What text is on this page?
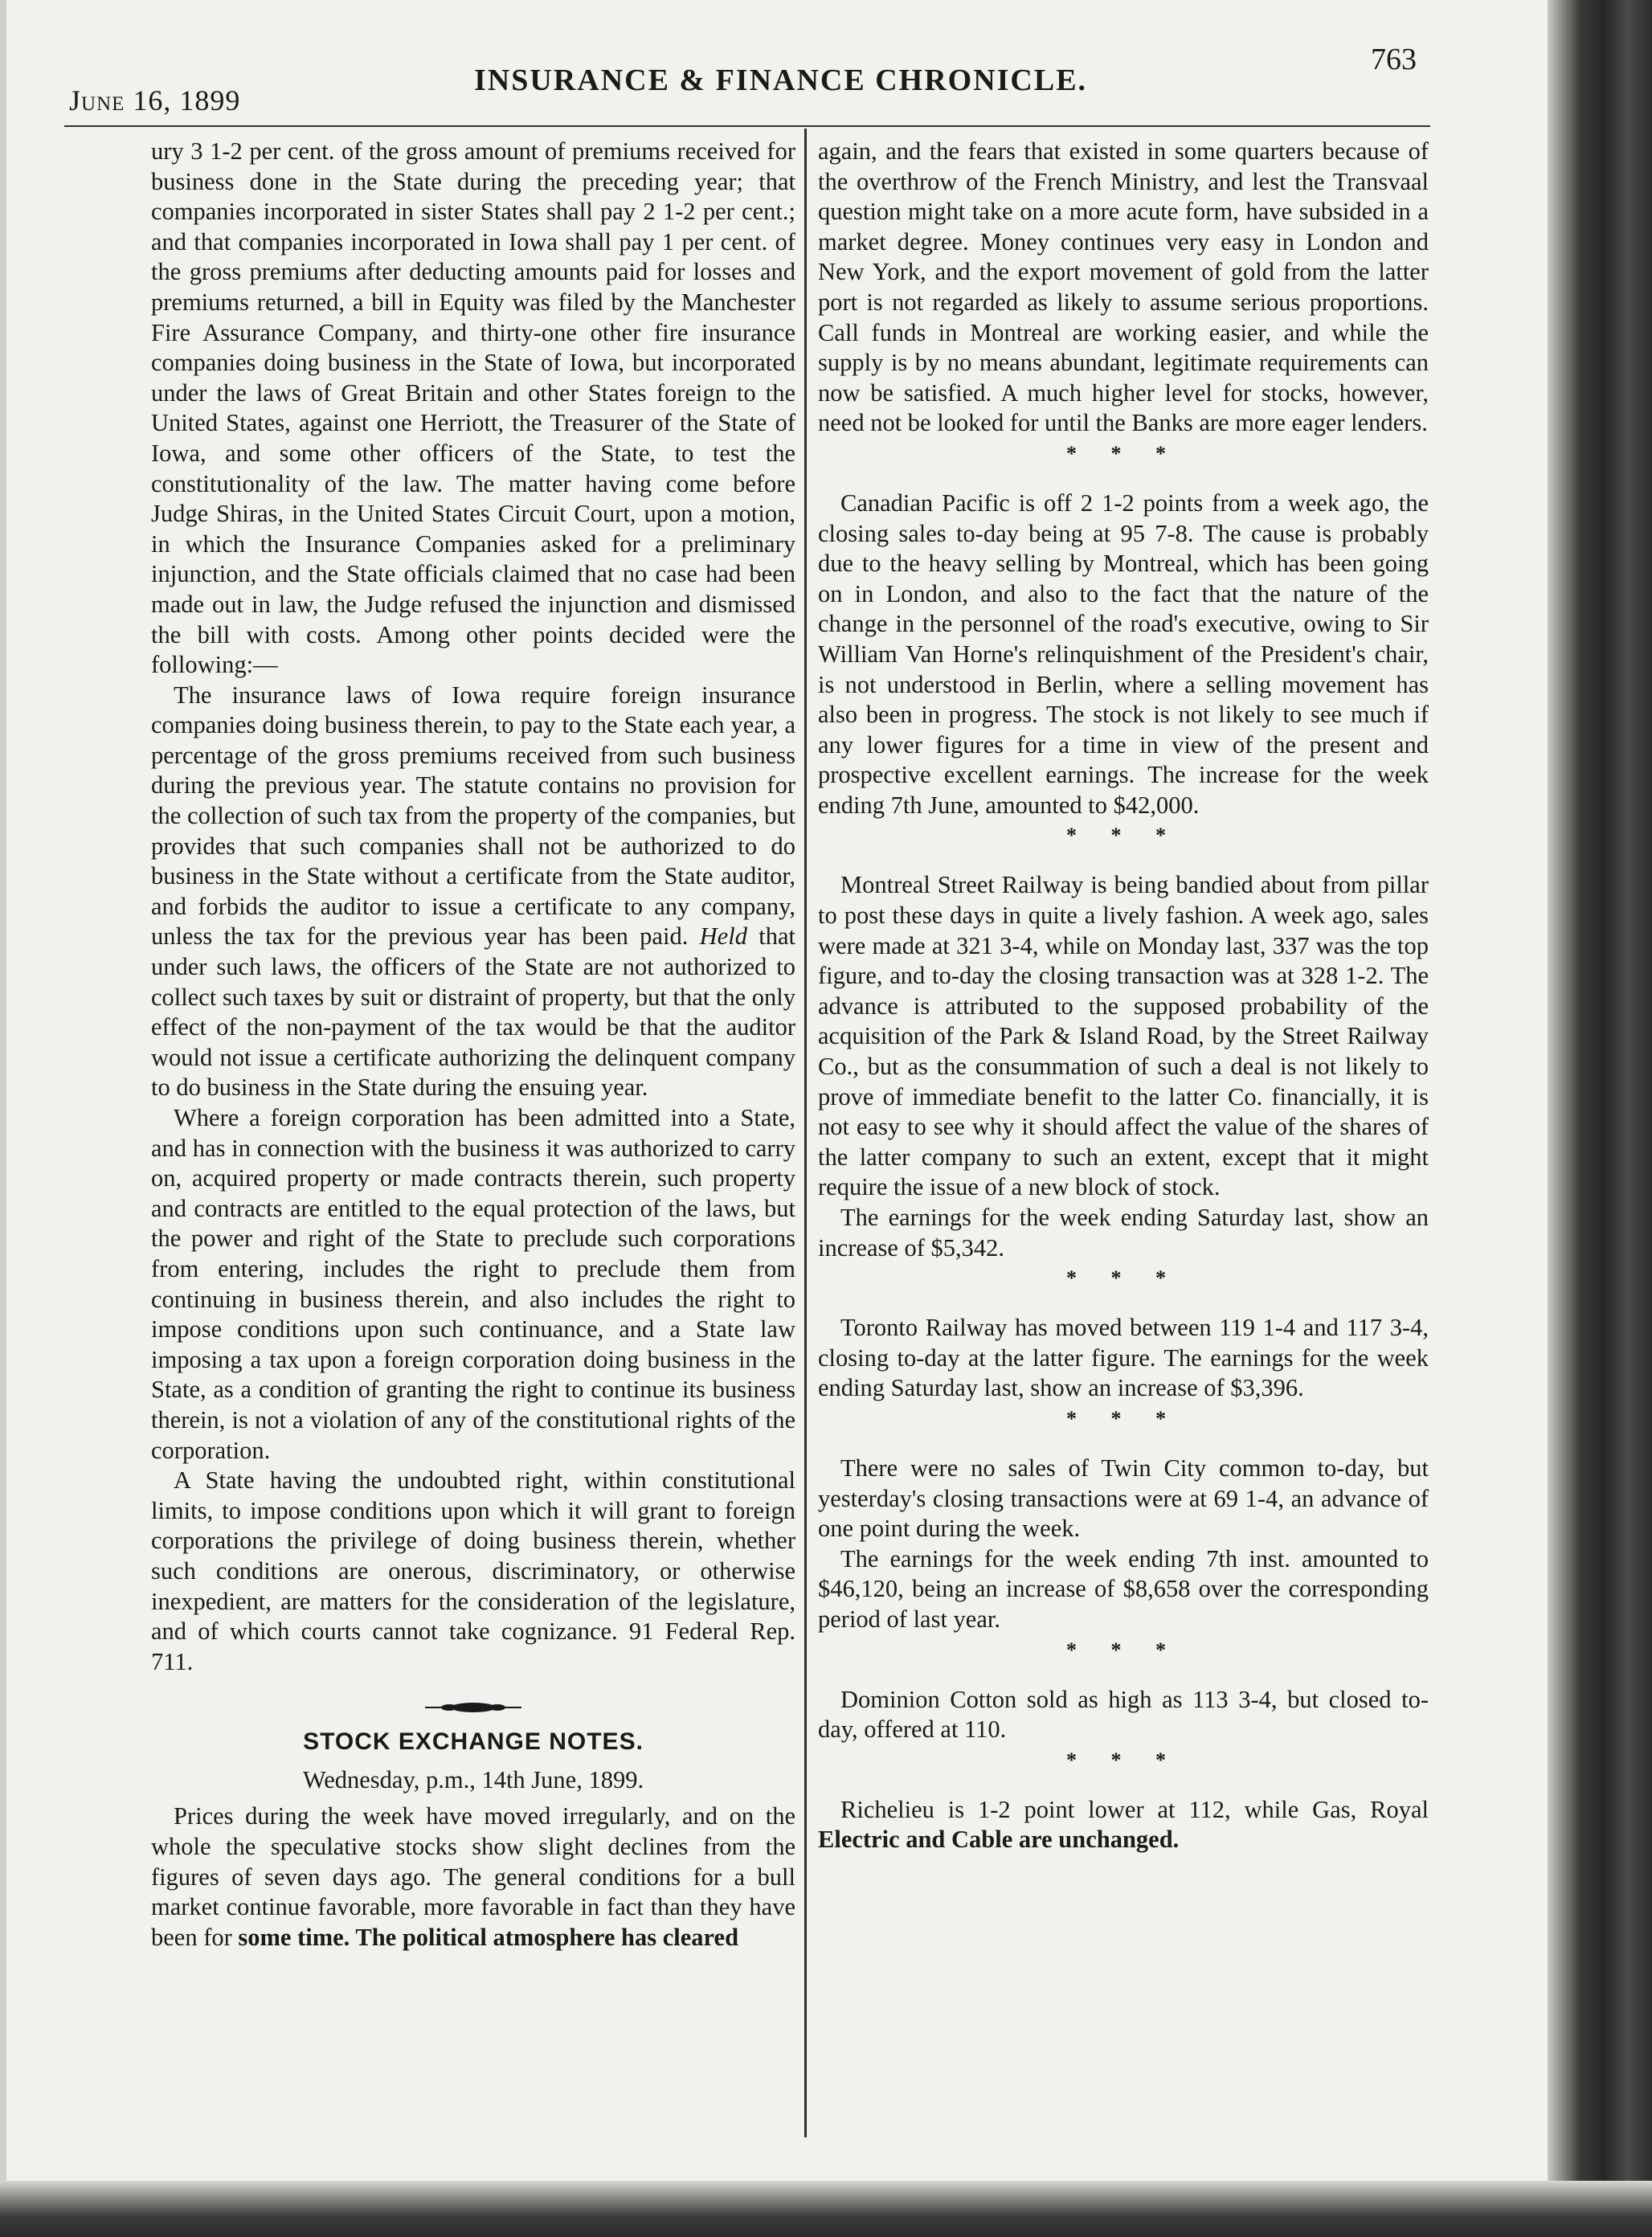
June 16, 1899
INSURANCE & FINANCE CHRONICLE.
763

ury 3 1-2 per cent. of the gross amount of premiums received for business done in the State during the preceding year; that companies incorporated in sister States shall pay 2 1-2 per cent.; and that companies incorporated in Iowa shall pay 1 per cent. of the gross premiums after deducting amounts paid for losses and premiums returned, a bill in Equity was filed by the Manchester Fire Assurance Company, and thirty-one other fire insurance companies doing business in the State of Iowa, but incorporated under the laws of Great Britain and other States foreign to the United States, against one Herriott, the Treasurer of the State of Iowa, and some other officers of the State, to test the constitutionality of the law. The matter having come before Judge Shiras, in the United States Circuit Court, upon a motion, in which the Insurance Companies asked for a preliminary injunction, and the State officials claimed that no case had been made out in law, the Judge refused the injunction and dismissed the bill with costs. Among other points decided were the following:—

The insurance laws of Iowa require foreign insurance companies doing business therein, to pay to the State each year, a percentage of the gross premiums received from such business during the previous year. The statute contains no provision for the collection of such tax from the property of the companies, but provides that such companies shall not be authorized to do business in the State without a certificate from the State auditor, and forbids the auditor to issue a certificate to any company, unless the tax for the previous year has been paid. Held that under such laws, the officers of the State are not authorized to collect such taxes by suit or distraint of property, but that the only effect of the non-payment of the tax would be that the auditor would not issue a certificate authorizing the delinquent company to do business in the State during the ensuing year.

Where a foreign corporation has been admitted into a State, and has in connection with the business it was authorized to carry on, acquired property or made contracts therein, such property and contracts are entitled to the equal protection of the laws, but the power and right of the State to preclude such corporations from entering, includes the right to preclude them from continuing in business therein, and also includes the right to impose conditions upon such continuance, and a State law imposing a tax upon a foreign corporation doing business in the State, as a condition of granting the right to continue its business therein, is not a violation of any of the constitutional rights of the corporation.

A State having the undoubted right, within constitutional limits, to impose conditions upon which it will grant to foreign corporations the privilege of doing business therein, whether such conditions are onerous, discriminatory, or otherwise inexpedient, are matters for the consideration of the legislature, and of which courts cannot take cognizance. 91 Federal Rep. 711.

STOCK EXCHANGE NOTES.
Wednesday, p.m., 14th June, 1899.

Prices during the week have moved irregularly, and on the whole the speculative stocks show slight declines from the figures of seven days ago. The general conditions for a bull market continue favorable, more favorable in fact than they have been for some time. The political atmosphere has cleared

again, and the fears that existed in some quarters because of the overthrow of the French Ministry, and lest the Transvaal question might take on a more acute form, have subsided in a market degree. Money continues very easy in London and New York, and the export movement of gold from the latter port is not regarded as likely to assume serious proportions. Call funds in Montreal are working easier, and while the supply is by no means abundant, legitimate requirements can now be satisfied. A much higher level for stocks, however, need not be looked for until the Banks are more eager lenders.

* * *

Canadian Pacific is off 2 1-2 points from a week ago, the closing sales to-day being at 95 7-8. The cause is probably due to the heavy selling by Montreal, which has been going on in London, and also to the fact that the nature of the change in the personnel of the road's executive, owing to Sir William Van Horne's relinquishment of the President's chair, is not understood in Berlin, where a selling movement has also been in progress. The stock is not likely to see much if any lower figures for a time in view of the present and prospective excellent earnings. The increase for the week ending 7th June, amounted to $42,000.

* * *

Montreal Street Railway is being bandied about from pillar to post these days in quite a lively fashion. A week ago, sales were made at 321 3-4, while on Monday last, 337 was the top figure, and to-day the closing transaction was at 328 1-2. The advance is attributed to the supposed probability of the acquisition of the Park & Island Road, by the Street Railway Co., but as the consummation of such a deal is not likely to prove of immediate benefit to the latter Co. financially, it is not easy to see why it should affect the value of the shares of the latter company to such an extent, except that it might require the issue of a new block of stock.

The earnings for the week ending Saturday last, show an increase of $5,342.

* * *

Toronto Railway has moved between 119 1-4 and 117 3-4, closing to-day at the latter figure. The earnings for the week ending Saturday last, show an increase of $3,396.

* * *

There were no sales of Twin City common to-day, but yesterday's closing transactions were at 69 1-4, an advance of one point during the week.

The earnings for the week ending 7th inst. amounted to $46,120, being an increase of $8,658 over the corresponding period of last year.

* * *

Dominion Cotton sold as high as 113 3-4, but closed to-day, offered at 110.

* * *

Richelieu is 1-2 point lower at 112, while Gas, Royal Electric and Cable are unchanged.
